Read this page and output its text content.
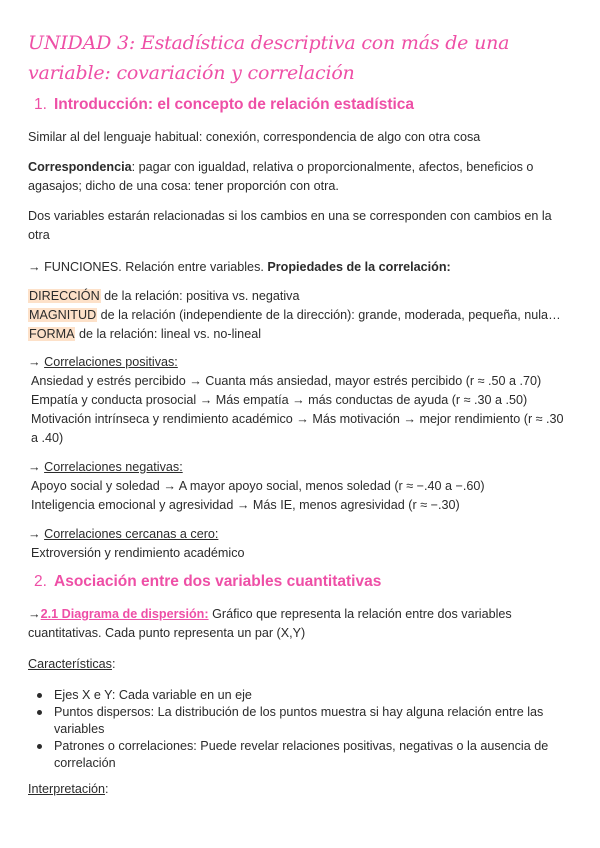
UNIDAD 3: Estadística descriptiva con más de una variable: covariación y correlación
1. Introducción: el concepto de relación estadística
Similar al del lenguaje habitual: conexión, correspondencia de algo con otra cosa
Correspondencia: pagar con igualdad, relativa o proporcionalmente, afectos, beneficios o agasajos; dicho de una cosa: tener proporción con otra.
Dos variables estarán relacionadas si los cambios en una se corresponden con cambios en la otra
→ FUNCIONES. Relación entre variables. Propiedades de la correlación:
DIRECCIÓN de la relación: positiva vs. negativa
MAGNITUD de la relación (independiente de la dirección): grande, moderada, pequeña, nula…
FORMA de la relación: lineal vs. no-lineal
→ Correlaciones positivas:
Ansiedad y estrés percibido → Cuanta más ansiedad, mayor estrés percibido (r ≈ .50 a .70)
Empatía y conducta prosocial → Más empatía → más conductas de ayuda (r ≈ .30 a .50)
Motivación intrínseca y rendimiento académico → Más motivación → mejor rendimiento (r ≈ .30 a .40)
→ Correlaciones negativas:
Apoyo social y soledad → A mayor apoyo social, menos soledad (r ≈ −.40 a −.60)
Inteligencia emocional y agresividad → Más IE, menos agresividad (r ≈ −.30)
→ Correlaciones cercanas a cero:
Extroversión y rendimiento académico
2. Asociación entre dos variables cuantitativas
→2.1 Diagrama de dispersión: Gráfico que representa la relación entre dos variables cuantitativas. Cada punto representa un par (X,Y)
Características:
Ejes X e Y: Cada variable en un eje
Puntos dispersos: La distribución de los puntos muestra si hay alguna relación entre las variables
Patrones o correlaciones: Puede revelar relaciones positivas, negativas o la ausencia de correlación
Interpretación:
